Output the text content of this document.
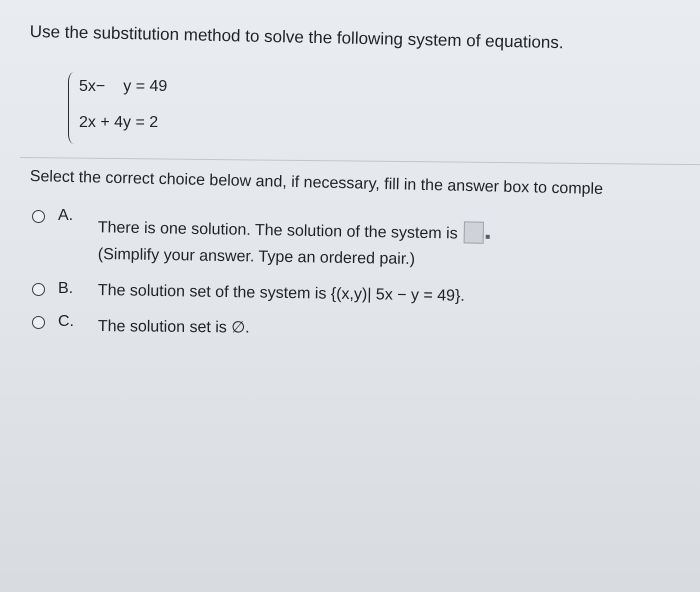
Use the substitution method to solve the following system of equations.
5x− y = 49
2x + 4y = 2
Select the correct choice below and, if necessary, fill in the answer box to comple
A.
There is one solution. The solution of the system is
(Simplify your answer. Type an ordered pair.)
B. The solution set of the system is {(x,y)| 5x − y = 49}.
C. The solution set is ∅.
